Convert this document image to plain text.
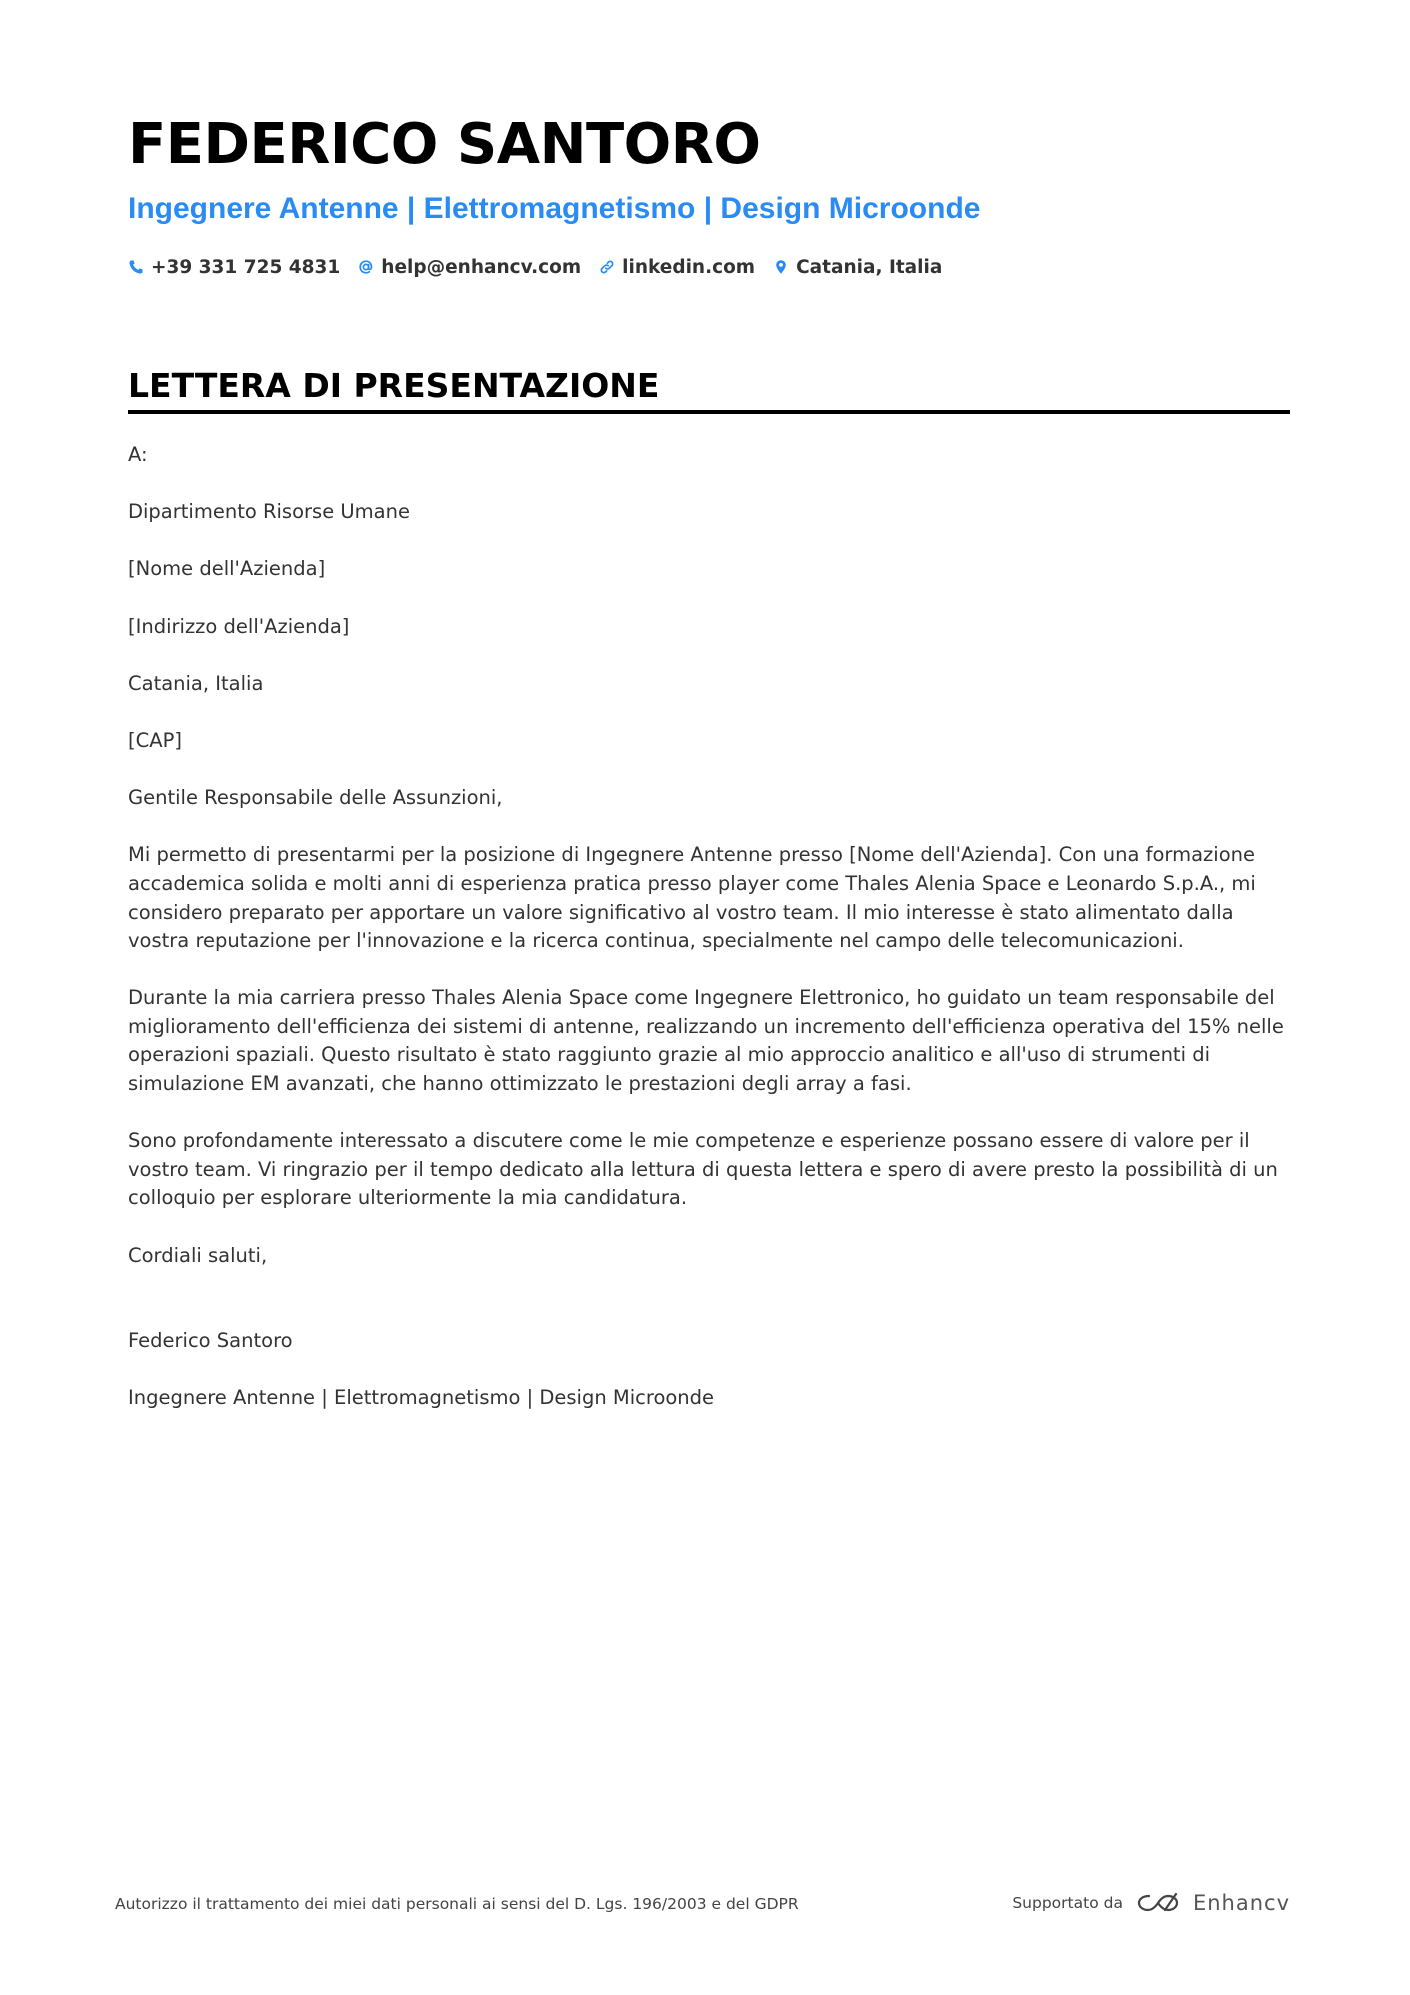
FEDERICO SANTORO
Ingegnere Antenne | Elettromagnetismo | Design Microonde
+39 331 725 4831 help@enhancv.com linkedin.com Catania, Italia
LETTERA DI PRESENTAZIONE

A:

Dipartimento Risorse Umane

[Nome dell'Azienda]

[Indirizzo dell'Azienda]

Catania, Italia

[CAP]

Gentile Responsabile delle Assunzioni,

Mi permetto di presentarmi per la posizione di Ingegnere Antenne presso [Nome dell'Azienda]. Con una formazione accademica solida e molti anni di esperienza pratica presso player come Thales Alenia Space e Leonardo S.p.A., mi considero preparato per apportare un valore significativo al vostro team. Il mio interesse è stato alimentato dalla vostra reputazione per l'innovazione e la ricerca continua, specialmente nel campo delle telecomunicazioni.

Durante la mia carriera presso Thales Alenia Space come Ingegnere Elettronico, ho guidato un team responsabile del miglioramento dell'efficienza dei sistemi di antenne, realizzando un incremento dell'efficienza operativa del 15% nelle operazioni spaziali. Questo risultato è stato raggiunto grazie al mio approccio analitico e all'uso di strumenti di simulazione EM avanzati, che hanno ottimizzato le prestazioni degli array a fasi.

Sono profondamente interessato a discutere come le mie competenze e esperienze possano essere di valore per il vostro team. Vi ringrazio per il tempo dedicato alla lettura di questa lettera e spero di avere presto la possibilità di un colloquio per esplorare ulteriormente la mia candidatura.

Cordiali saluti,

Federico Santoro

Ingegnere Antenne | Elettromagnetismo | Design Microonde

Autorizzo il trattamento dei miei dati personali ai sensi del D. Lgs. 196/2003 e del GDPR	Supportato da	Enhancv
